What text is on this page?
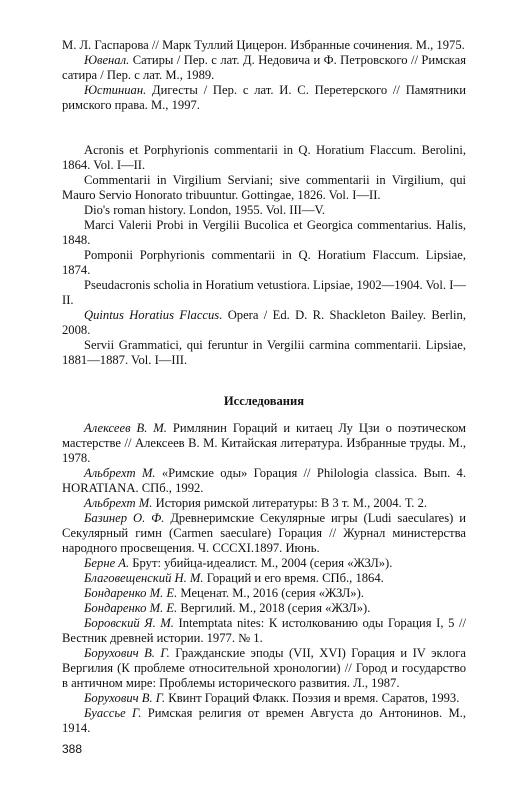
М. Л. Гаспарова // Марк Туллий Цицерон. Избранные сочинения. М., 1975.

Ювенал. Сатиры / Пер. с лат. Д. Недовича и Ф. Петровского // Римская сатира / Пер. с лат. М., 1989.

Юстиниан. Дигесты / Пер. с лат. И. С. Перетерского // Памятники римского права. М., 1997.

Acronis et Porphyrionis commentarii in Q. Horatium Flaccum. Berolini, 1864. Vol. I—II.

Commentarii in Virgilium Serviani; sive commentarii in Virgilium, qui Mauro Servio Honorato tribuuntur. Gottingae, 1826. Vol. I—II.

Dio's roman history. London, 1955. Vol. III—V.

Marci Valerii Probi in Vergilii Bucolica et Georgica commentarius. Halis, 1848.

Pomponii Porphyrionis commentarii in Q. Horatium Flaccum. Lipsiae, 1874.

Pseudacronis scholia in Horatium vetustiora. Lipsiae, 1902—1904. Vol. I—II.

Quintus Horatius Flaccus. Opera / Ed. D. R. Shackleton Bailey. Berlin, 2008.

Servii Grammatici, qui feruntur in Vergilii carmina commentarii. Lipsiae, 1881—1887. Vol. I—III.

Исследования

Алексеев В. М. Римлянин Гораций и китаец Лу Цзи о поэтическом мастерстве // Алексеев В. М. Китайская литература. Избранные труды. М., 1978.

Альбрехт М. «Римские оды» Горация // Philologia classica. Вып. 4. HORATIANA. СПб., 1992.

Альбрехт М. История римской литературы: В 3 т. М., 2004. Т. 2.

Базинер О. Ф. Древнеримские Секулярные игры (Ludi saeculares) и Секулярный гимн (Carmen saeculare) Горация // Журнал министерства народного просвещения. Ч. CCCXI.1897. Июнь.

Берне А. Брут: убийца-идеалист. М., 2004 (серия «ЖЗЛ»).

Благовещенский Н. М. Гораций и его время. СПб., 1864.

Бондаренко М. Е. Меценат. М., 2016 (серия «ЖЗЛ»).

Бондаренко М. Е. Вергилий. М., 2018 (серия «ЖЗЛ»).

Боровский Я. М. Intemptata nites: К истолкованию оды Горация I, 5 // Вестник древней истории. 1977. № 1.

Борухович В. Г. Гражданские эподы (VII, XVI) Горация и IV эклога Вергилия (К проблеме относительной хронологии) // Город и государство в античном мире: Проблемы исторического развития. Л., 1987.

Борухович В. Г. Квинт Гораций Флакк. Поэзия и время. Саратов, 1993.

Буассье Г. Римская религия от времен Августа до Антонинов. М., 1914.

388
